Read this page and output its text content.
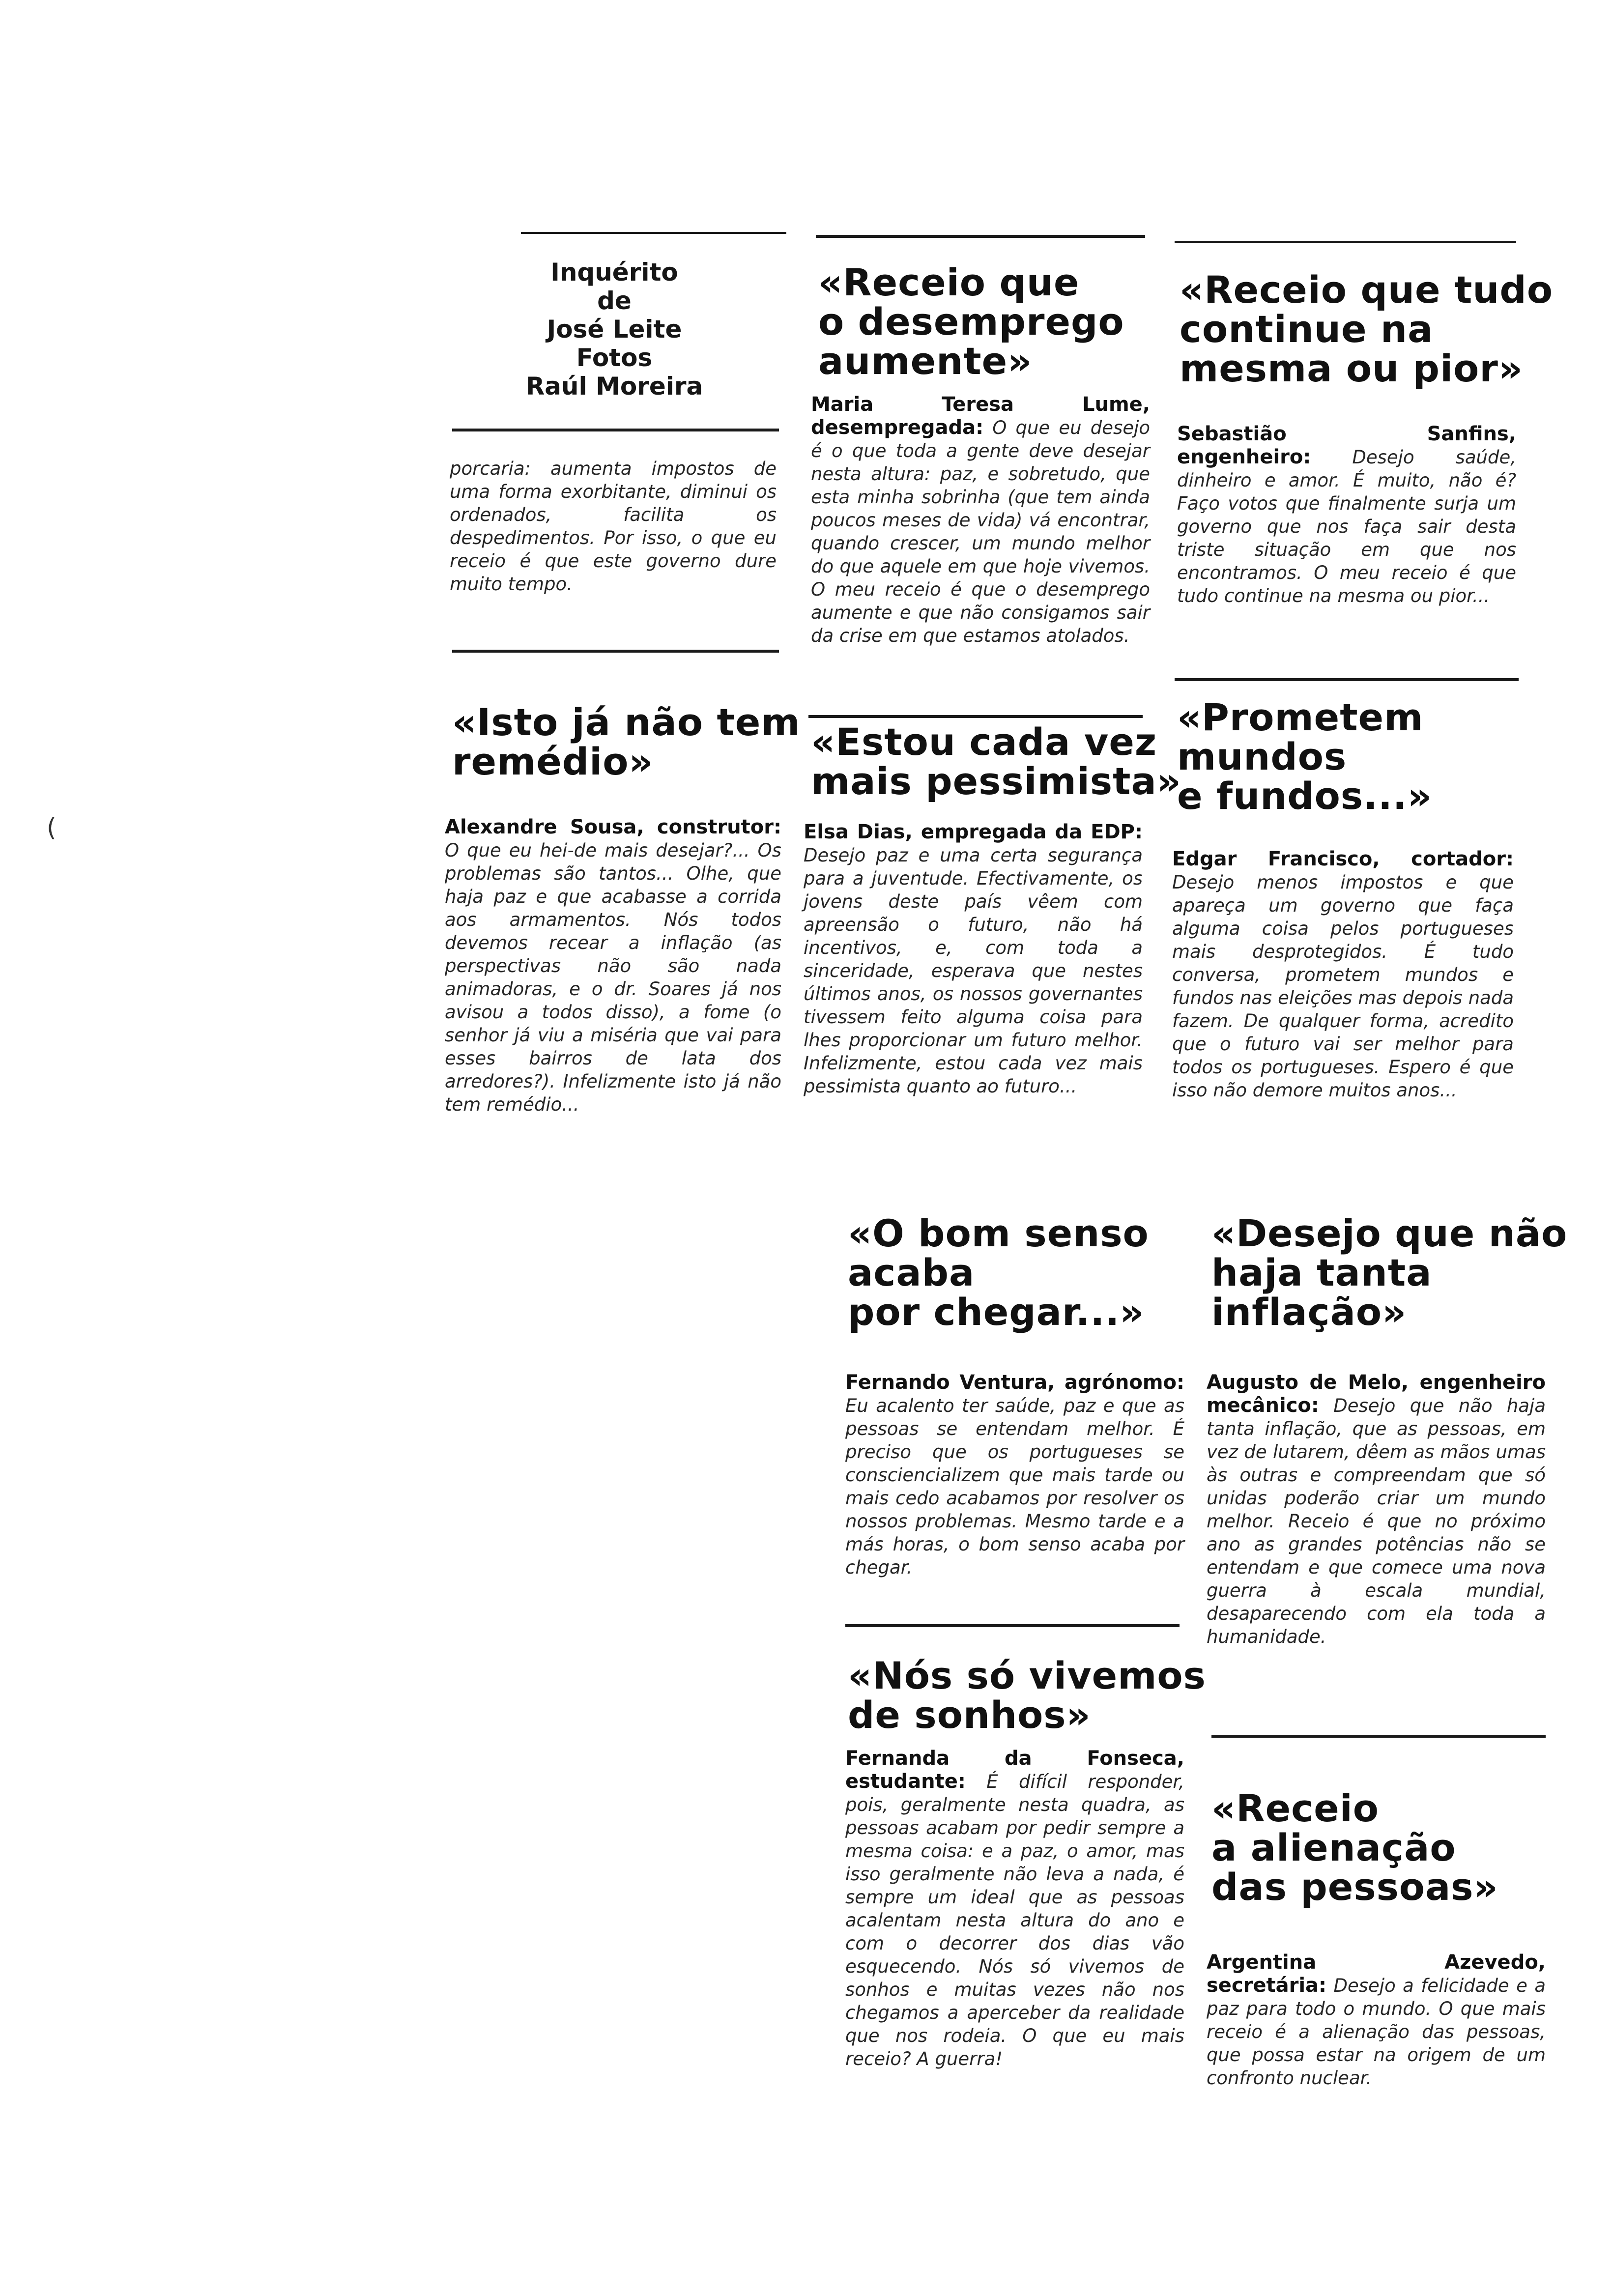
(
Inquérito
de
José Leite
Fotos
Raúl Moreira
porcaria: aumenta impostos de uma forma exorbitante, diminui os ordenados, facilita os despedimentos. Por isso, o que eu receio é que este governo dure muito tempo.
«Isto já não tem
remédio»
Alexandre Sousa, construtor: O que eu hei-de mais desejar?... Os problemas são tantos... Olhe, que haja paz e que acabasse a corrida aos armamentos. Nós todos devemos recear a inflação (as perspectivas não são nada animadoras, e o dr. Soares já nos avisou a todos disso), a fome (o senhor já viu a miséria que vai para esses bairros de lata dos arredores?). Infelizmente isto já não tem remédio...
«Receio que
o desemprego
aumente»
Maria Teresa Lume, desempregada: O que eu desejo é o que toda a gente deve desejar nesta altura: paz, e sobretudo, que esta minha sobrinha (que tem ainda poucos meses de vida) vá encontrar, quando crescer, um mundo melhor do que aquele em que hoje vivemos. O meu receio é que o desemprego aumente e que não consigamos sair da crise em que estamos atolados.
«Estou cada vez
mais pessimista»
Elsa Dias, empregada da EDP: Desejo paz e uma certa segurança para a juventude. Efectivamente, os jovens deste país vêem com apreensão o futuro, não há incentivos, e, com toda a sinceridade, esperava que nestes últimos anos, os nossos governantes tivessem feito alguma coisa para lhes proporcionar um futuro melhor. Infelizmente, estou cada vez mais pessimista quanto ao futuro...
«Receio que tudo
continue na
mesma ou pior»
Sebastião Sanfins, engenheiro: Desejo saúde, dinheiro e amor. É muito, não é? Faço votos que finalmente surja um governo que nos faça sair desta triste situação em que nos encontramos. O meu receio é que tudo continue na mesma ou pior...
«Prometem
mundos
e fundos...»
Edgar Francisco, cortador: Desejo menos impostos e que apareça um governo que faça alguma coisa pelos portugueses mais desprotegidos. É tudo conversa, prometem mundos e fundos nas eleições mas depois nada fazem. De qualquer forma, acredito que o futuro vai ser melhor para todos os portugueses. Espero é que isso não demore muitos anos...
«O bom senso
acaba
por chegar...»
Fernando Ventura, agrónomo: Eu acalento ter saúde, paz e que as pessoas se entendam melhor. É preciso que os portugueses se consciencializem que mais tarde ou mais cedo acabamos por resolver os nossos problemas. Mesmo tarde e a más horas, o bom senso acaba por chegar.
«Nós só vivemos
de sonhos»
Fernanda da Fonseca, estudante: É difícil responder, pois, geralmente nesta quadra, as pessoas acabam por pedir sempre a mesma coisa: e a paz, o amor, mas isso geralmente não leva a nada, é sempre um ideal que as pessoas acalentam nesta altura do ano e com o decorrer dos dias vão esquecendo. Nós só vivemos de sonhos e muitas vezes não nos chegamos a aperceber da realidade que nos rodeia. O que eu mais receio? A guerra!
«Desejo que não
haja tanta
inflação»
Augusto de Melo, engenheiro mecânico: Desejo que não haja tanta inflação, que as pessoas, em vez de lutarem, dêem as mãos umas às outras e compreendam que só unidas poderão criar um mundo melhor. Receio é que no próximo ano as grandes potências não se entendam e que comece uma nova guerra à escala mundial, desaparecendo com ela toda a humanidade.
«Receio
a alienação
das pessoas»
Argentina Azevedo, secretária: Desejo a felicidade e a paz para todo o mundo. O que mais receio é a alienação das pessoas, que possa estar na origem de um confronto nuclear.
